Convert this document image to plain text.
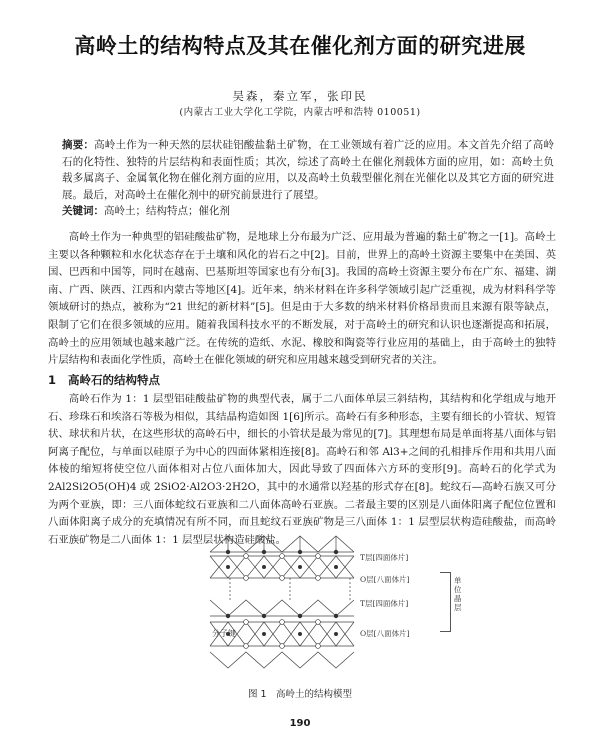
高岭土的结构特点及其在催化剂方面的研究进展
吴森，秦立军，张印民
(内蒙古工业大学化工学院，内蒙古呼和浩特 010051)
摘要：高岭土作为一种天然的层状硅铝酸盐黏土矿物，在工业领域有着广泛的应用。本文首先介绍了高岭石的化特性、独特的片层结构和表面性质；其次，综述了高岭土在催化剂载体方面的应用，如：高岭土负载多属离子、金属氧化物在催化剂方面的应用，以及高岭土负载型催化剂在光催化以及其它方面的研究进展。最后，对高岭土在催化剂中的研究前景进行了展望。
关键词：高岭土；结构特点；催化剂
高岭土作为一种典型的铝硅酸盐矿物，是地球上分布最为广泛、应用最为普遍的黏土矿物之一[1]。高岭土主要以各种颗粒和水化状态存在于土壤和风化的岩石之中[2]。目前，世界上的高岭土资源主要集中在美国、英国、巴西和中国等，同时在越南、巴基斯坦等国家也有分布[3]。我国的高岭土资源主要分布在广东、福建、湖南、广西、陕西、江西和内蒙古等地区[4]。近年来，纳米材料在许多科学领域引起广泛重视，成为材料科学等领域研讨的热点，被称为“21 世纪的新材料”[5]。但是由于大多数的纳米材料价格昂贵而且来源有限等缺点，限制了它们在很多领域的应用。随着我国科技水平的不断发展，对于高岭土的研究和认识也逐渐提高和拓展，高岭土的应用领域也越来越广泛。在传统的造纸、水泥、橡胶和陶瓷等行业应用的基础上，由于高岭土的独特片层结构和表面化学性质，高岭土在催化领域的研究和应用越来越受到研究者的关注。
1 高岭石的结构特点
高岭石作为 1：1 层型铝硅酸盐矿物的典型代表，属于二八面体单层三斜结构，其结构和化学组成与地开石、珍珠石和埃洛石等极为相似，其结晶构造如图 1[6]所示。高岭石有多种形态，主要有细长的小管状、短管状、球状和片状，在这些形状的高岭石中，细长的小管状是最为常见的[7]。其理想布局是单面将基八面体与铝阿离子配位，与单面以硅原子为中心的四面体紧相连接[8]。高岭石和邻 Al3+之间的孔相排斥作用和共用八面体棱的缩短将使空位八面体相对占位八面体加大，因此导致了四面体六方环的变形[9]。高岭石的化学式为 2Al2Si2O5(OH)4 或 2SiO2·Al2O3·2H2O，其中的水通常以羟基的形式存在[8]。蛇纹石—高岭石族又可分为两个亚族，即：三八面体蛇纹石亚族和二八面体高岭石亚族。二者最主要的区别是八面体阳离子配位位置和八面体阳离子成分的充填情况有所不同，而且蛇纹石亚族矿物是三八面体 1：1 层型层状构造硅酸盐，而高岭石亚族矿物是二八面体 1：1 层型层状构造硅酸盐。
T层[四面体片]
O层[八面体片]
T层[四面体片]
O层[八面体片]
单位晶层
分子键
图 1　高岭土的结构模型
190
